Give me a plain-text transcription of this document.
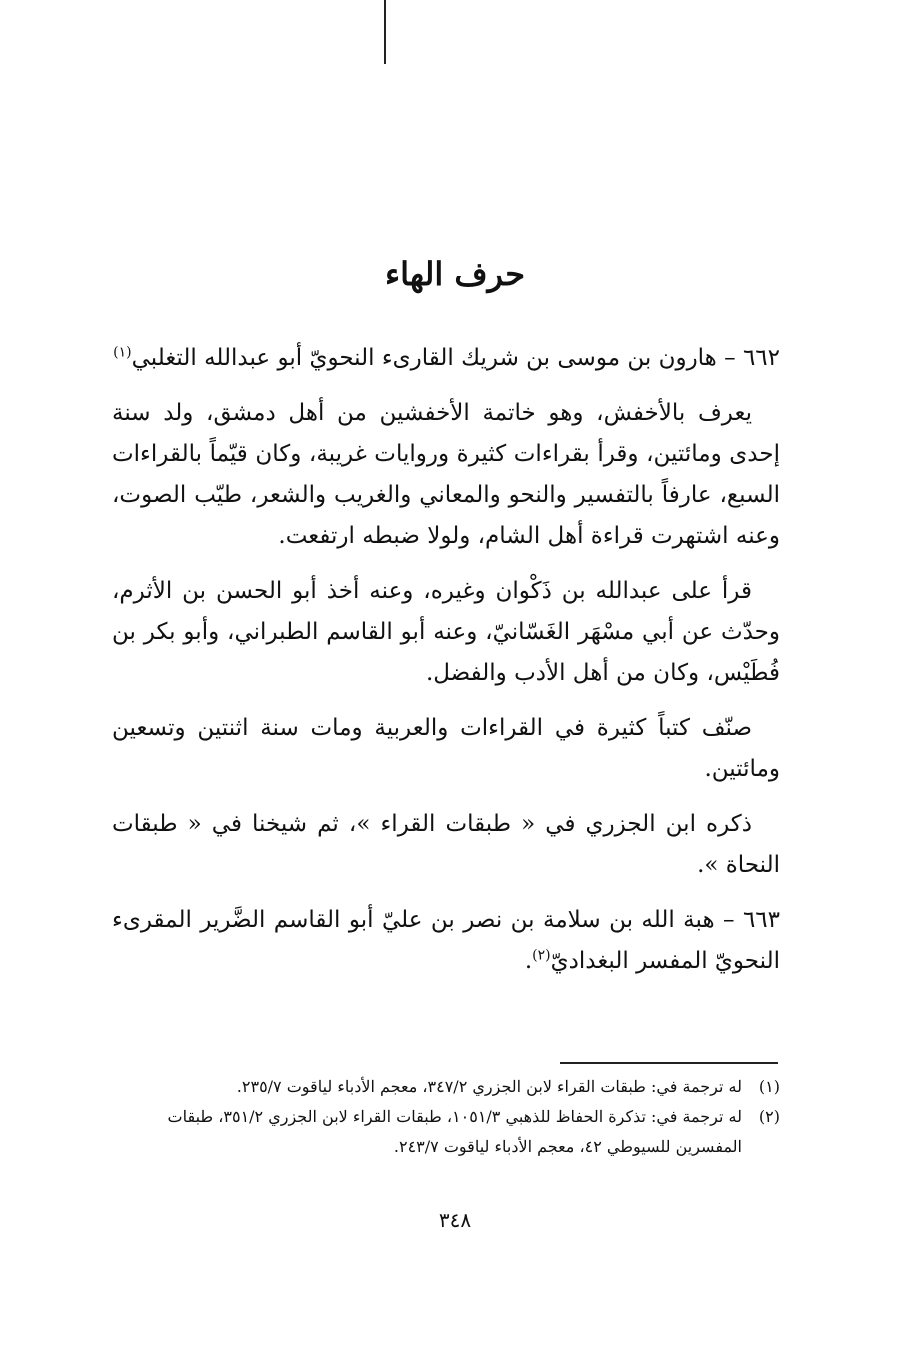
حرف الهاء

٦٦٢ – هارون بن موسى بن شريك القارىء النحويّ أبو عبدالله التغلبي$^{(١)}$

يعرف بالأخفش، وهو خاتمة الأخفشين من أهل دمشق، ولد سنة إحدى ومائتين، وقرأ بقراءات كثيرة وروايات غريبة، وكان قيّماً بالقراءات السبع، عارفاً بالتفسير والنحو والمعاني والغريب والشعر، طيّب الصوت، وعنه اشتهرت قراءة أهل الشام، ولولا ضبطه ارتفعت.

قرأ على عبدالله بن ذَكْوان وغيره، وعنه أخذ أبو الحسن بن الأثرم، وحدّث عن أبي مسْهَر الغَسّانيّ، وعنه أبو القاسم الطبراني، وأبو بكر بن فُطَيْس، وكان من أهل الأدب والفضل.

صنّف كتباً كثيرة في القراءات والعربية ومات سنة اثنتين وتسعين ومائتين.

ذكره ابن الجزري في « طبقات القراء »، ثم شيخنا في « طبقات النحاة ».

٦٦٣ – هبة الله بن سلامة بن نصر بن عليّ أبو القاسم الضَّرير المقرىء النحويّ المفسر البغداديّ$^{(٢)}$.

(١)
له ترجمة في: طبقات القراء لابن الجزري ٣٤٧/٢، معجم الأدباء لياقوت ٢٣٥/٧.
(٢)
له ترجمة في: تذكرة الحفاظ للذهبي ١٠٥١/٣، طبقات القراء لابن الجزري ٣٥١/٢، طبقات المفسرين للسيوطي ٤٢، معجم الأدباء لياقوت ٢٤٣/٧.

٣٤٨
